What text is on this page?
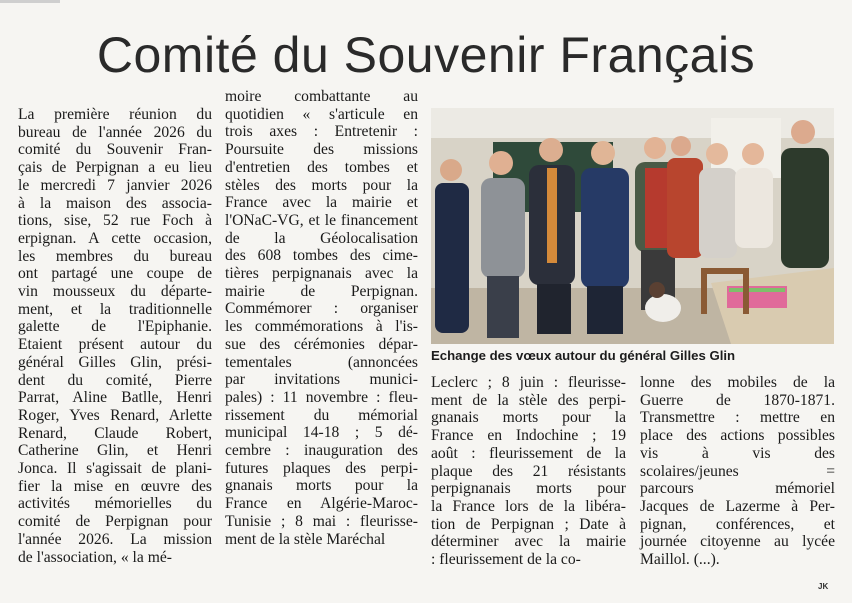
Comité du Souvenir Français
La première réunion du
bureau de l'année 2026 du
comité du Souvenir Fran-
çais de Perpignan a eu lieu
le mercredi 7 janvier 2026
à la maison des associa-
tions, sise, 52 rue Foch à
erpignan. A cette occasion,
les membres du bureau
ont partagé une coupe de
vin mousseux du départe-
ment, et la traditionnelle
galette de l'Epiphanie.
Etaient présent autour du
général Gilles Glin, prési-
dent du comité, Pierre
Parrat, Aline Batlle, Henri
Roger, Yves Renard, Arlette
Renard, Claude Robert,
Catherine Glin, et Henri
Jonca. Il s'agissait de plani-
fier la mise en œuvre des
activités mémorielles du
comité de Perpignan pour
l'année 2026. La mission
de l'association, « la mé-
moire combattante au
quotidien « s'articule en
trois axes : Entretenir :
Poursuite des missions
d'entretien des tombes et
stèles des morts pour la
France avec la mairie et
l'ONaC-VG, et le financement
de la Géolocalisation
des 608 tombes des cime-
tières perpignanais avec la
mairie de Perpignan.
Commémorer : organiser
les commémorations à l'is-
sue des cérémonies dépar-
tementales (annoncées
par invitations munici-
pales) : 11 novembre : fleu-
rissement du mémorial
municipal 14-18 ; 5 dé-
cembre : inauguration des
futures plaques des perpi-
gnanais morts pour la
France en Algérie-Maroc-
Tunisie ; 8 mai : fleurisse-
ment de la stèle Maréchal
Leclerc ; 8 juin : fleurisse-
ment de la stèle des perpi-
gnanais morts pour la
France en Indochine ; 19
août : fleurissement de la
plaque des 21 résistants
perpignanais morts pour
la France lors de la libéra-
tion de Perpignan ; Date à
déterminer avec la mairie
: fleurissement de la co-
lonne des mobiles de la
Guerre de 1870-1871.
Transmettre : mettre en
place des actions possibles
vis à vis des
scolaires/jeunes =
parcours mémoriel
Jacques de Lazerme à Per-
pignan, conférences, et
journée citoyenne au lycée
Maillol. (...).
Echange des vœux autour du général Gilles Glin
JK
